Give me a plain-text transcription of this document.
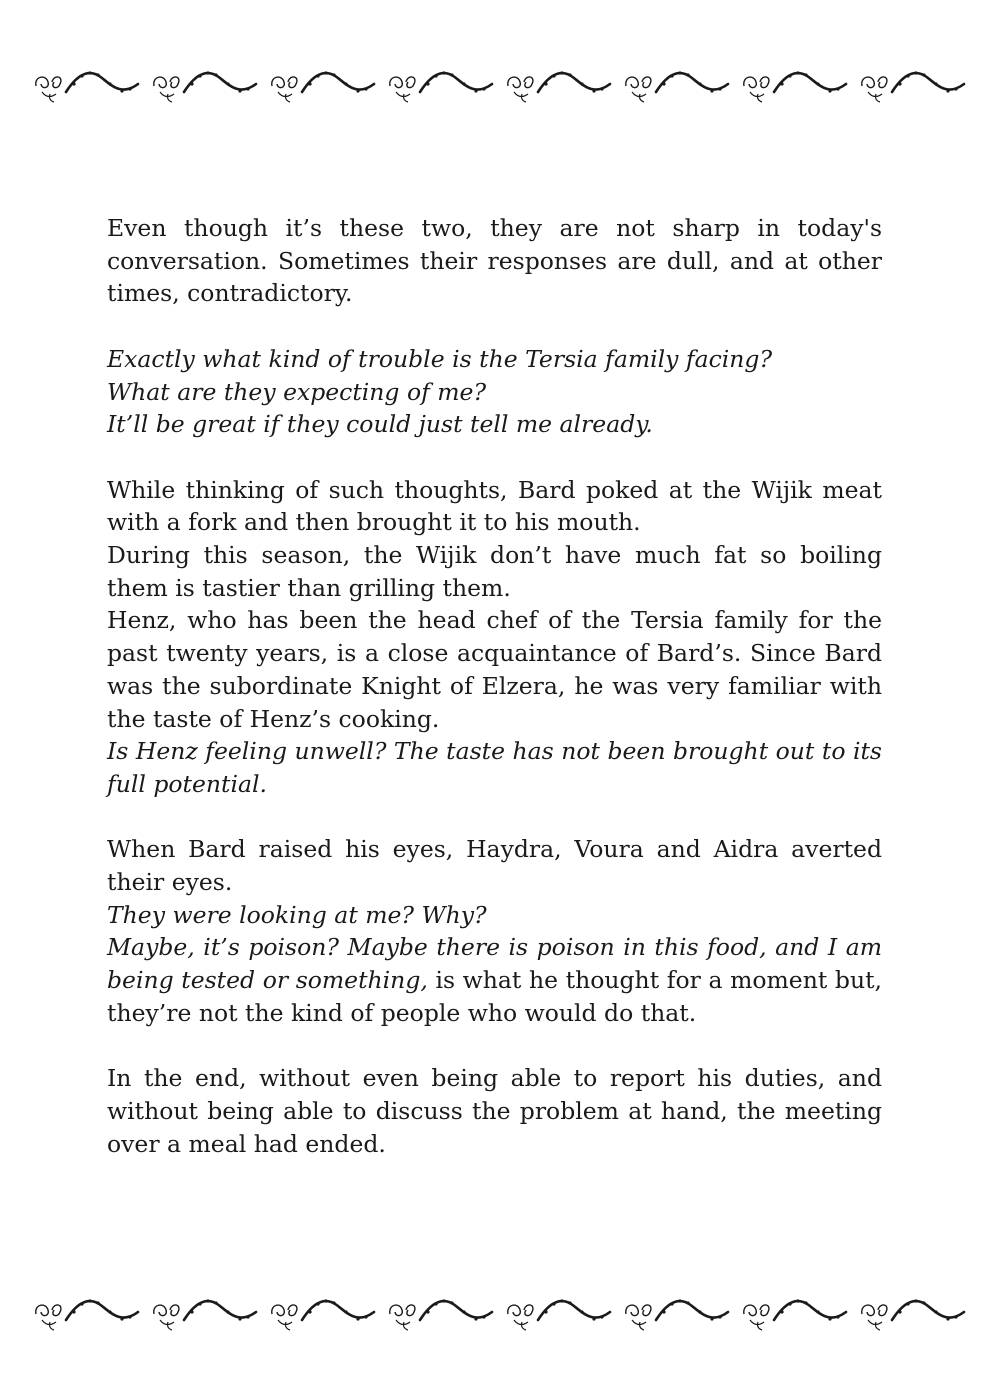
Even though it’s these two, they are not sharp in today's conversation. Sometimes their responses are dull, and at other times, contradictory.

Exactly what kind of trouble is the Tersia family facing?

What are they expecting of me?

It’ll be great if they could just tell me already.

While thinking of such thoughts, Bard poked at the Wijik meat with a fork and then brought it to his mouth.

During this season, the Wijik don’t have much fat so boiling them is tastier than grilling them.

Henz, who has been the head chef of the Tersia family for the past twenty years, is a close acquaintance of Bard’s. Since Bard was the subordinate Knight of Elzera, he was very familiar with the taste of Henz’s cooking.

Is Henz feeling unwell? The taste has not been brought out to its full potential.

When Bard raised his eyes, Haydra, Voura and Aidra averted their eyes.

They were looking at me? Why?

Maybe, it’s poison? Maybe there is poison in this food, and I am being tested or something, is what he thought for a moment but, they’re not the kind of people who would do that.

In the end, without even being able to report his duties, and without being able to discuss the problem at hand, the meeting over a meal had ended.
